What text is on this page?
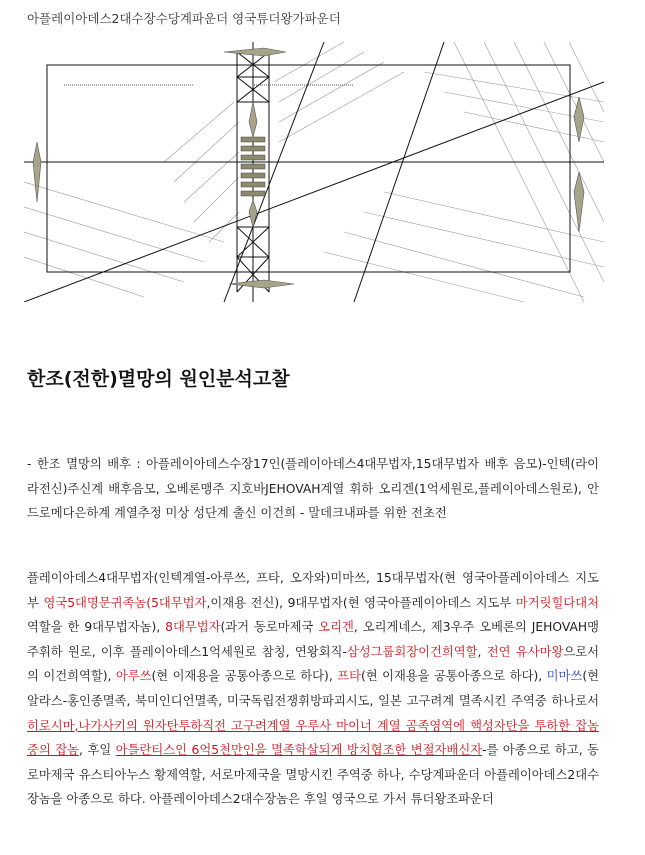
아플레이아데스2대수장수당계파운더 영국튜더왕가파운더
한조(전한)멸망의 원인분석고찰

- 한조 멸망의 배후 : 아플레이아데스수장17인(플레이아데스4대무법자,15대무법자 배후 음모)-인텍(라이라전신)주신계 배후음모, 오베론맹주 지호바JEHOVAH계열 휘하 오리겐(1억세원로,플레이아데스원로), 안드로메다은하계 계열추정 미상 성단계 출신 이건희 - 말데크내파를 위한 전초전

플레이아데스4대무법자(인텍계열-아루쓰, 프타, 오자와)미마쓰, 15대무법자(현 영국아플레이아데스 지도부 영국5대명문귀족놈(5대무법자,이재용 전신), 9대무법자(현 영국아플레이아데스 지도부 마거릿힐다대처 역할을 한 9대무법자놈), 8대무법자(과거 동로마제국 오리겐, 오리게네스, 제3우주 오베론의 JEHOVAH맹주휘하 원로, 이후 플레이아데스1억세원로 참칭, 연왕회직-삼성그룹회장이건희역할, 전연 유사마왕으로서의 이건희역할), 아루쓰(현 이재용을 공통아종으로 하다), 프타(현 이재용을 공통아종으로 하다), 미마쓰(현 알라스-홍인종멸족, 북미인디언멸족, 미국독립전쟁휘방파괴시도, 일본 고구려계 멸족시킨 주역중 하나로서 히로시마,나가사키의 원자탄투하직전 고구려계열 우루사 마이너 계열 곰족영역에 핵성자탄을 투하한 잡놈중의 잡놈, 후일 아틀란티스인 6억5천만인을 멸족학살되게 방치협조한 변절자배신자-를 아종으로 하고, 동로마제국 유스티아누스 황제역할, 서로마제국을 멸망시킨 주역중 하나, 수당계파운더 아플레이아데스2대수장놈을 아종으로 하다. 아플레이아데스2대수장놈은 후일 영국으로 가서 튜더왕조파운더
